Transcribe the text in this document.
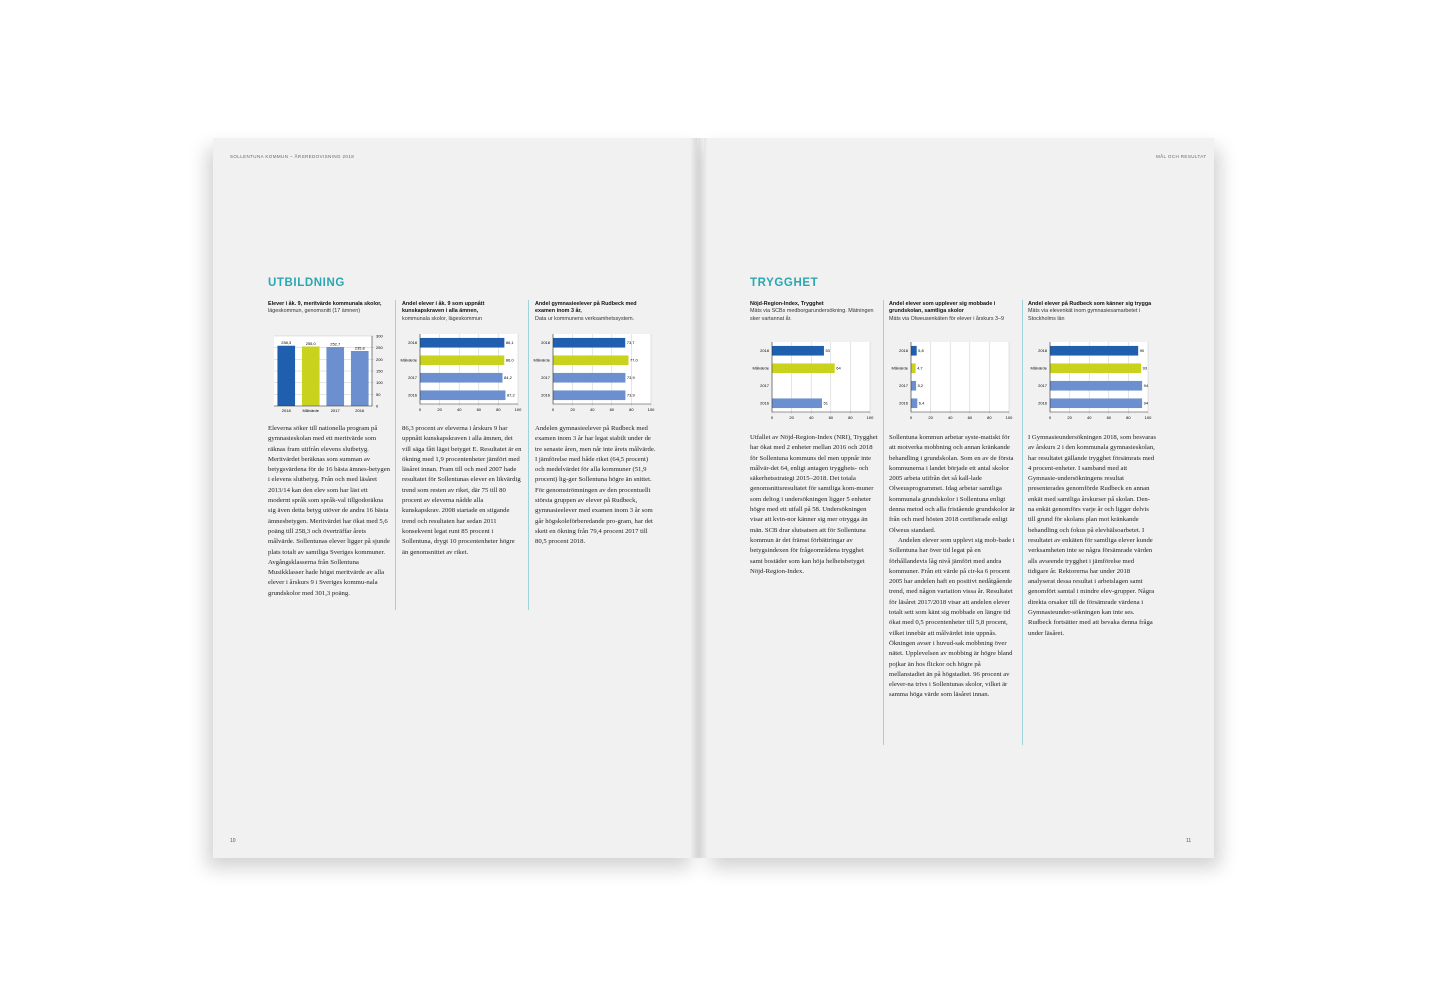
SOLLENTUNA KOMMUN – ÅRSREDOVISNING 2018
10
UTBILDNING
Elever i åk. 9, meritvärde kommunala skolor,
lägeskommun, genomsnitt (17 ämnen)
Andel elever i åk. 9 som uppnått kunskapskraven i alla ämnen,
kommunala skolor, lägeskommun
Andel gymnasieelever på Rudbeck med examen inom 3 år,
Data ur kommunens verksamhetssystem.
300
250
200
150
100
50
0
258,3
2018
255,0
Målvärde
252,7
2017
235,8
2016	0	20	40	60	80	100
2018	86,1
Målvärde	86,0
2017	84,2
2016	87,2
0	20	40	60	80	100
2018	73,7
Målvärde	77,0
2017	73,9
2016	73,9

Eleverna söker till nationella program på gymnasieskolan med ett meritvärde som räknas fram utifrån elevens slutbetyg. Meritvärdet beräknas som summan av betygsvärdena för de 16 bästa ämnes-betygen i elevens slutbetyg. Från och med läsåret 2013/14 kan den elev som har läst ett modernt språk som språk-val tillgodoräkna sig även detta betyg utöver de andra 16 bästa ämnesbetygen. Meritvärdet har ökat med 5,6 poäng till 258,3 och överträffar årets målvärde. Sollentunas elever ligger på sjunde plats totalt av samtliga Sveriges kommuner. Avgångsklasserna från Sollentuna Musikklasser hade högst meritvärde av alla elever i årskurs 9 i Sveriges kommu-nala grundskolor med 301,3 poäng.

86,3 procent av eleverna i årskurs 9 har uppnått kunskapskraven i alla ämnen, det vill säga fått lägst betyget E. Resultatet är en ökning med 1,9 procentenheter jämfört med läsåret innan. Fram till och med 2007 hade resultatet för Sollentunas elever en likvärdig trend som resten av riket, där 75 till 80 procent av eleverna nådde alla kunskapskrav. 2008 startade en stigande trend och resultaten har sedan 2011 konsekvent legat runt 85 procent i Sollentuna, drygt 10 procentenheter högre än genomsnittet av riket.

Andelen gymnasieelever på Rudbeck med examen inom 3 år har legat stabilt under de tre senaste åren, men når inte årets målvärde. I jämförelse med både riket (64,5 procent) och medelvärdet för alla kommuner (51,9 procent) lig-ger Sollentuna högre än snittet. För genomströmningen av den procentuellt största gruppen av elever på Rudbeck, gymnasieelever med examen inom 3 år som går högskoleförberedande pro-gram, har det skett en ökning från 79,4 procent 2017 till 80,5 procent 2018.

MÅL OCH RESULTAT
11
TRYGGHET
Nöjd-Region-Index, Trygghet
Mäts via SCBs medborgarundersökning. Mätningen sker vartannat år.
Andel elever som upplever sig mobbade i grundskolan, samtliga skolor
Mäts via Olweusenkäten för elever i årskurs 3–9
Andel elever på Rudbeck som känner sig trygga
Mäts via elevenkät inom gymnasiesamarbetet i Stockholms län
0	20	40	60	80	100
2018	53
Målvärde	64
2017
2016	51
0	20	40	60	80	100
2018	5,8
Målvärde 4,7
2017 5,2
2016	6,4
0	20	40	60	80	100
2018	90
Målvärde	93
2017	94
2016	94

Utfallet av Nöjd-Region-Index (NRI), Trygghet har ökat med 2 enheter mellan 2016 och 2018 för Sollentuna kommuns del men uppnår inte målvär-det 64, enligt antagen trygghets- och säkerhetsstrategi 2015–2018. Det totala genomsnittsresultatet för samtliga kom-muner som deltog i undersökningen ligger 5 enheter högre med ett utfall på 58. Undersökningen visar att kvin-nor känner sig mer otrygga än män. SCB drar slutsatsen att för Sollentuna kommun är det främst förbättringar av betygsindexen för frågeområdena trygghet samt bostäder som kan höja helhetsbetyget Nöjd-Region-Index.

Sollentuna kommun arbetar syste-matiskt för att motverka mobbning och annan kränkande behandling i grundskolan. Som en av de första kommunerna i landet började ett antal skolor 2005 arbeta utifrån det så kall-lade Olweusprogrammet. Idag arbetar samtliga kommunala grundskolor i Sollentuna enligt denna metod och alla fristående grundskolor är från och med hösten 2018 certifierade enligt Olweus standard.

Andelen elever som upplevt sig mob-bade i Sollentuna har över tid legat på en förhållandevis låg nivå jämfört med andra kommuner. Från ett värde på cir-ka 6 procent 2005 har andelen haft en positivt nedåtgående trend, med någon variation vissa år. Resultatet för läsåret 2017/2018 visar att andelen elever totalt sett som känt sig mobbade en längre tid ökat med 0,5 procentenheter till 5,8 procent, vilket innebär att målvärdet inte uppnås. Ökningen avser i huvud-sak mobbning över nätet. Upplevelsen av mobbing är högre bland pojkar än hos flickor och högre på mellanstadiet än på högstadiet. 96 procent av elever-na trivs i Sollentunas skolor, vilket är samma höga värde som läsåret innan.

I Gymnasieundersökningen 2018, som besvaras av årskurs 2 i den kommunala gymnasieskolan, har resultatet gällande trygghet försämrats med 4 procent-enheter. I samband med att Gymnasie-undersökningens resultat presenterades genomförde Rudbeck en annan enkät med samtliga årskurser på skolan. Den-na enkät genomförs varje år och ligger delvis till grund för skolans plan mot kränkande behandling och fokus på elevhälsoarbetet. I resultatet av enkäten för samtliga elever kunde verksamheten inte se några försämrade värden alls avseende trygghet i jämförelse med tidigare år. Rektorerna har under 2018 analyserat dessa resultat i arbetslagen samt genomfört samtal i mindre elev-grupper. Några direkta orsaker till de försämrade värdena i Gymnasieunder-sökningen kan inte ses. Rudbeck fortsätter med att bevaka denna fråga under läsåret.
